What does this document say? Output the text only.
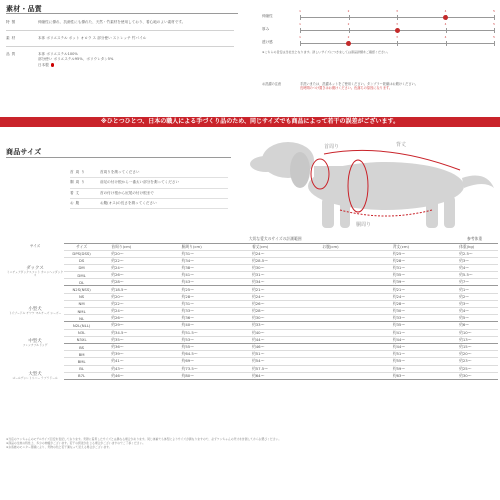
素材・品質
特徴	伸縮性に優れ、抗菌性にも優れた、天然・竹素材を使用しており、着心地のよい素材です。
素材	本体 ポリエステル ポット オロラ ス 部分使い ストレッチ 竹パイル
品質	本体 ポリエステル100%
部分使い ポリエステル95%、ポリウレタン5%
日本製
伸縮性
1	2	3	4	5
厚み
1	2	3	4	5
透け感
1	2	3	4	5
※こちらの目安は当社比となります。詳しいサイズにつきましては商品詳細をご確認ください。
お洗濯の注意	手洗いまたは、洗濯ネットをご使用ください。タンブラー乾燥はお避けください。
長時間のつけ置きはお避けください。色落ちの原因になります。
※ひとつひとつ、日本の職人による手づくり品のため、同じサイズでも商品によって若干の誤差がございます。
商品サイズ
首周り	首周りを測ってください
胴周り	前足の付け根から一番太い部分を測ってください
着丈	首の付け根から尻尾の付け根まで
お腹	お腹(オス)の長さを測ってください
首周り
胴周り
背丈
サイズ
	大切な愛犬のサイズの計測範囲					参考体重
サイズ	首周り(cm)	胴周り(cm)	着丈(cm)	お腹(cm)	背丈(cm)	体重(kg)
DPS(DSS)	約20〜	約31〜	約24〜		約25〜	約2.5〜
DS	約22〜	約34〜	約28.5〜		約28〜	約3〜
DM	約24〜	約38〜	約30〜		約31〜	約4〜
DML	約26〜	約41〜	約31〜		約35〜	約5.5〜
DL	約28〜	約43〜	約34〜		約39〜	約7〜
N2S(NSS)	約18.5〜	約25〜	約21〜		約21〜	約1〜
NS	約20〜	約28〜	約24〜		約24〜	約2〜
NM	約22〜	約31〜	約26〜		約28〜	約3〜
NML	約24〜	約33〜	約28〜		約30〜	約4〜
NL	約26〜	約36〜	約30〜		約33〜	約5〜
N2L(NLL)	約29〜	約40〜	約33〜		約35〜	約6〜
N3L	約34.5〜	約51.5〜	約40〜		約41〜	約10〜
N3XL	約35〜	約53〜	約44〜		約44〜	約13〜
BS	約36〜	約55〜	約46〜		約44〜	約15〜
BM	約39〜	約64.5〜	約51〜		約51〜	約20〜
BML	約41〜	約69〜	約54〜		約55〜	約23〜
BL	約43〜	約73.5〜	約57.5〜		約59〜	約25〜
B7L	約46〜	約80〜	約64〜		約63〜	約30〜
ダックス
ミニチュアダックスフント カニンヘンダックス
小型犬
トイプードル チワワ マルチーズ シーズー
中型犬
フレンチブルドッグ
大型犬
ゴールデンレトリバー ラブラドール
※当店のワンちゃんのモデルサイズ目安を表記しております。実際に着用したサイズとは異なる場合があります。同じ体重でも体型によりサイズが異なりますので、必ずワンちゃんの実寸を計測してからお選びください。
※商品の生地の特性上、多少の伸縮がございます。若干の誤差が生じる場合がございますのでご了承ください。
※お客様のモニター環境により、実物の色と若干異なって見える場合がございます。
